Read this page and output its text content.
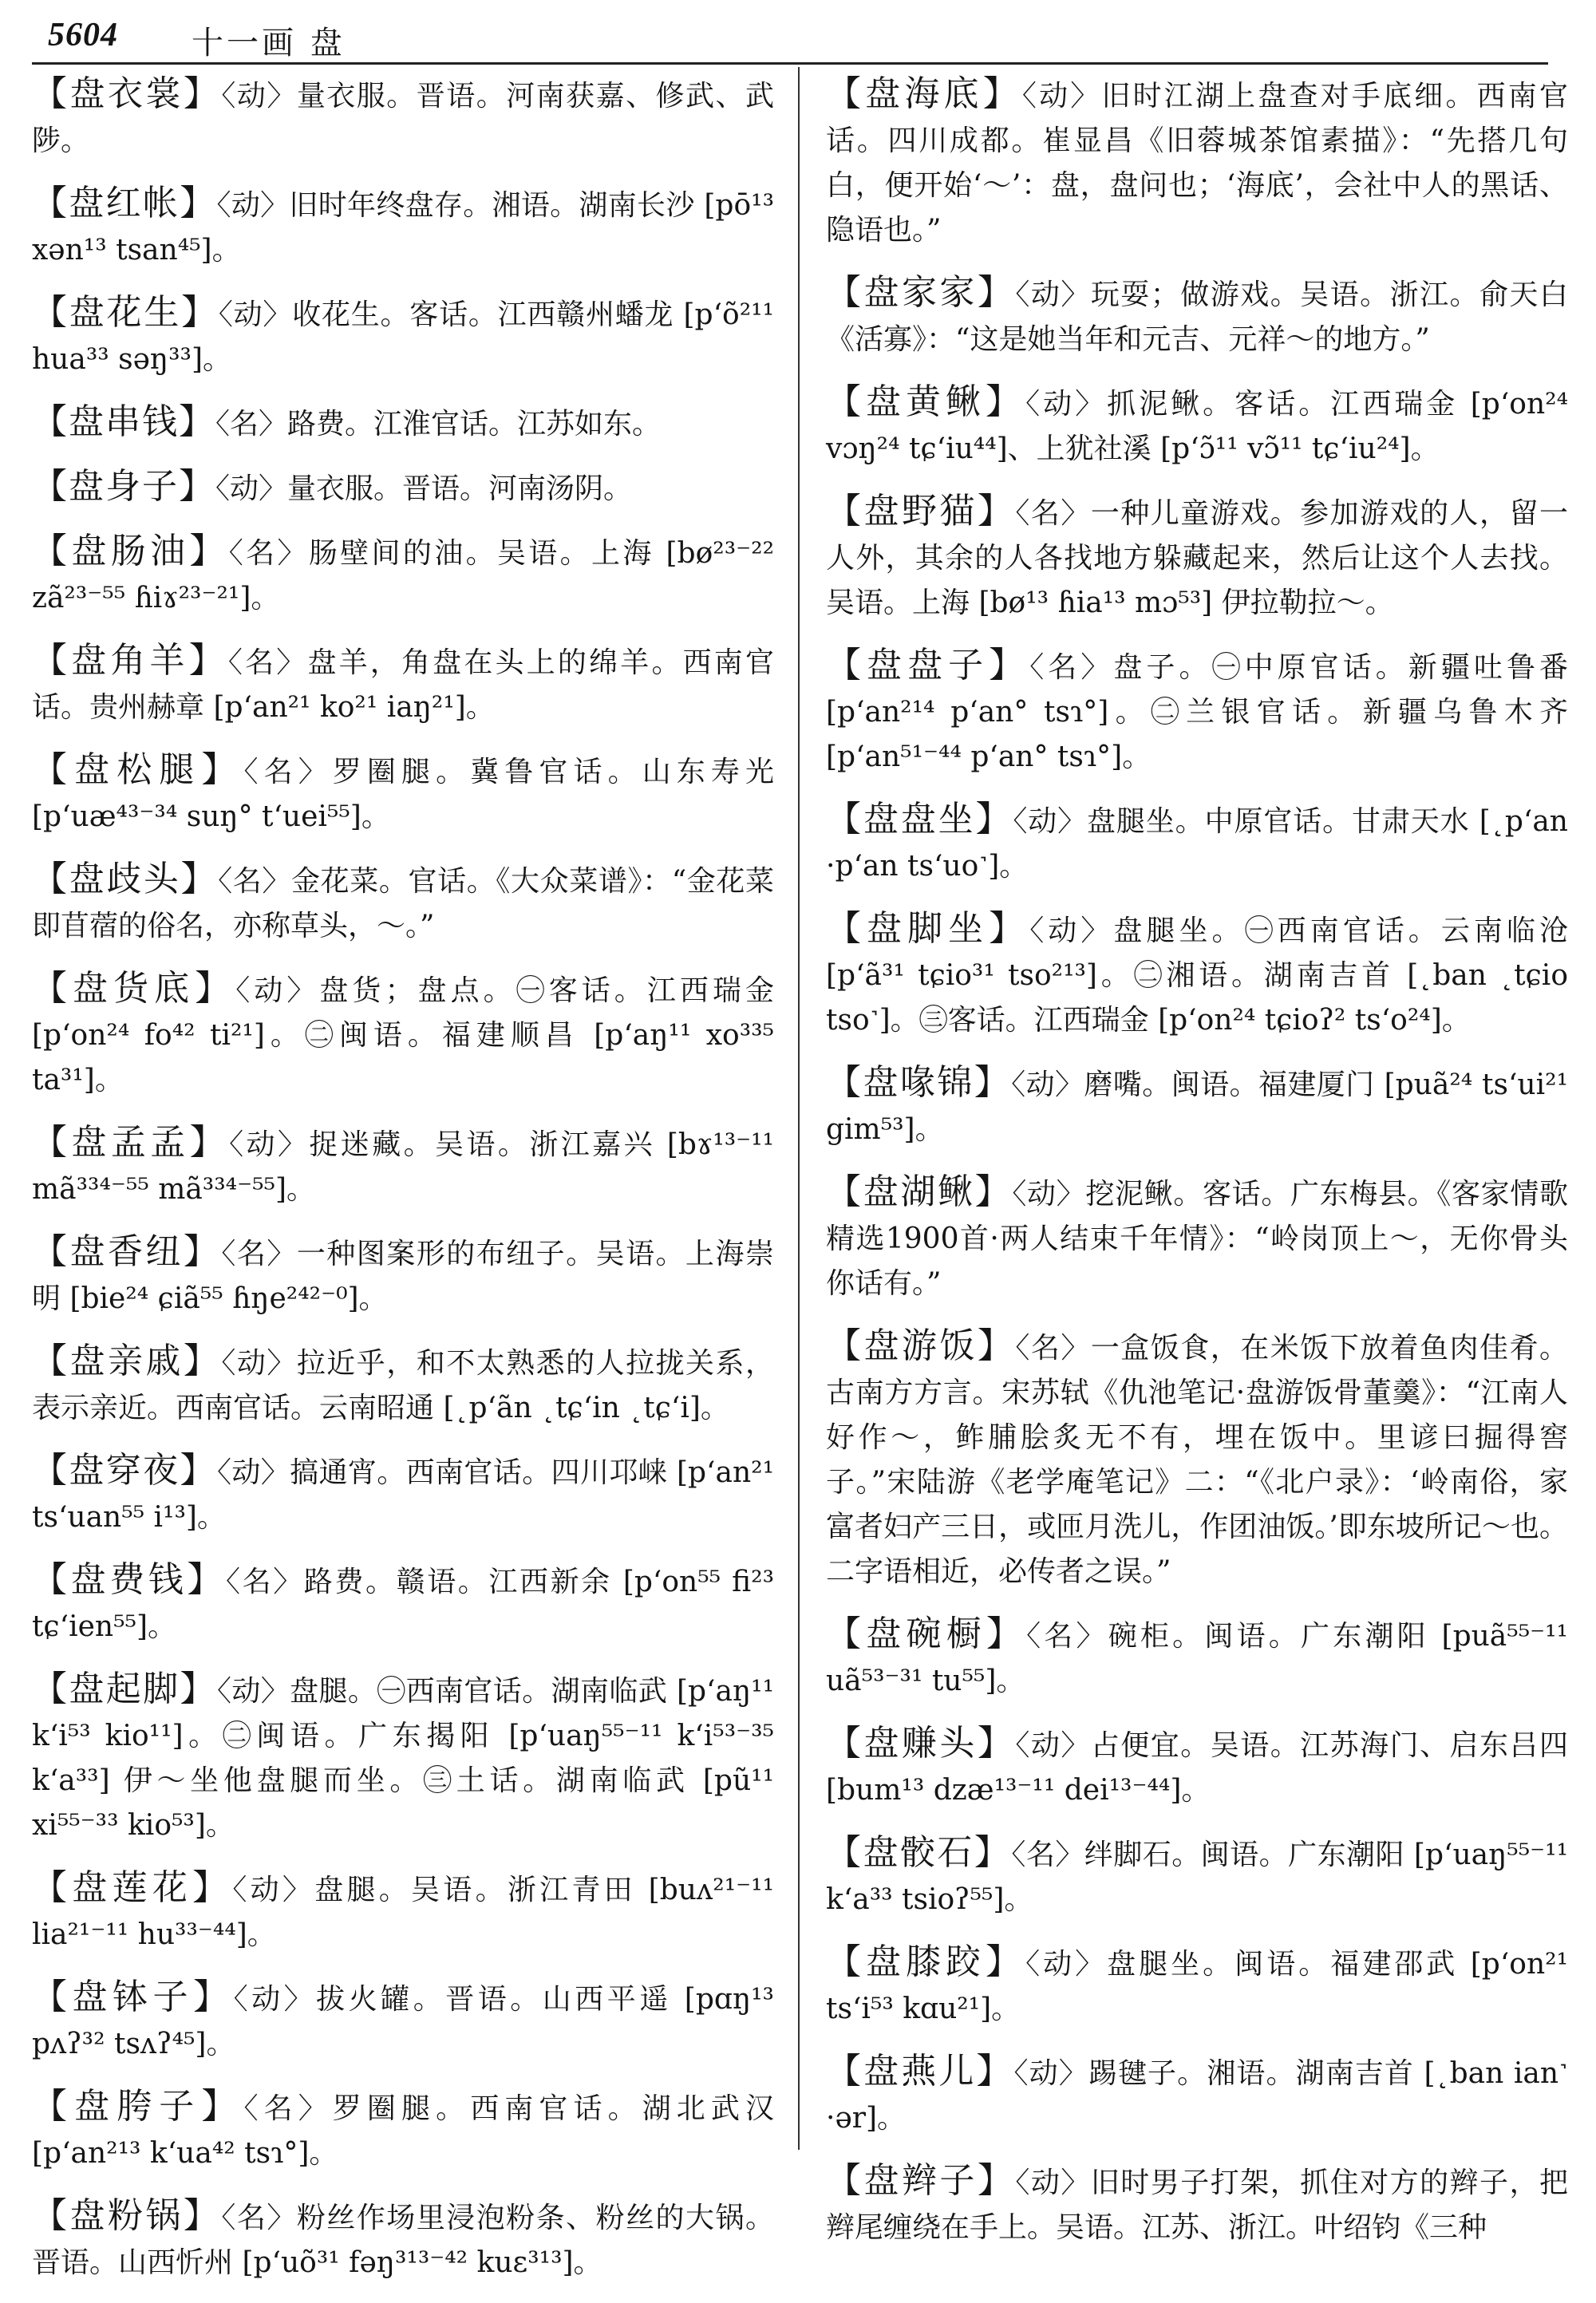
5604 十一画 盘
【盘衣裳】〈动〉量衣服。晋语。河南获嘉、修武、武陟。
【盘红帐】〈动〉旧时年终盘存。湘语。湖南长沙 [pō¹³ xən¹³ tsan⁴⁵]。
【盘花生】〈动〉收花生。客话。江西赣州蟠龙 [p‘õ²¹¹ hua³³ səŋ³³]。
【盘串钱】〈名〉路费。江淮官话。江苏如东。
【盘身子】〈动〉量衣服。晋语。河南汤阴。
【盘肠油】〈名〉肠壁间的油。吴语。上海 [bø²³⁻²² zã²³⁻⁵⁵ ɦiɤ²³⁻²¹]。
【盘角羊】〈名〉盘羊，角盘在头上的绵羊。西南官话。贵州赫章 [p‘an²¹ ko²¹ iaŋ²¹]。
【盘松腿】〈名〉罗圈腿。冀鲁官话。山东寿光 [p‘uæ⁴³⁻³⁴ suŋ° t‘uei⁵⁵]。
【盘歧头】〈名〉金花菜。官话。《大众菜谱》：“金花菜即苜蓿的俗名，亦称草头，～。”
【盘货底】〈动〉盘货；盘点。㊀客话。江西瑞金 [p‘on²⁴ fo⁴² ti²¹]。㊁闽语。福建顺昌 [p‘aŋ¹¹ xo³³⁵ ta³¹]。
【盘孟孟】〈动〉捉迷藏。吴语。浙江嘉兴 [bɤ¹³⁻¹¹ mã³³⁴⁻⁵⁵ mã³³⁴⁻⁵⁵]。
【盘香纽】〈名〉一种图案形的布纽子。吴语。上海崇明 [bie²⁴ ɕiã⁵⁵ ɦŋe²⁴²⁻⁰]。
【盘亲戚】〈动〉拉近乎，和不太熟悉的人拉拢关系，表示亲近。西南官话。云南昭通 [˛p‘ãn ˛tɕ‘in ˛tɕ‘i]。
【盘穿夜】〈动〉搞通宵。西南官话。四川邛崃 [p‘an²¹ ts‘uan⁵⁵ i¹³]。
【盘费钱】〈名〉路费。赣语。江西新余 [p‘on⁵⁵ fi²³ tɕ‘ien⁵⁵]。
【盘起脚】〈动〉盘腿。㊀西南官话。湖南临武 [p‘aŋ¹¹ k‘i⁵³ kio¹¹]。㊁闽语。广东揭阳 [p‘uaŋ⁵⁵⁻¹¹ k‘i⁵³⁻³⁵ k‘a³³] 伊～坐他盘腿而坐。㊂土话。湖南临武 [pũ¹¹ xi⁵⁵⁻³³ kio⁵³]。
【盘莲花】〈动〉盘腿。吴语。浙江青田 [buʌ²¹⁻¹¹ lia²¹⁻¹¹ hu³³⁻⁴⁴]。
【盘钵子】〈动〉拔火罐。晋语。山西平遥 [pɑŋ¹³ pʌʔ³² tsʌʔ⁴⁵]。
【盘胯子】〈名〉罗圈腿。西南官话。湖北武汉 [p‘an²¹³ k‘ua⁴² tsɿ°]。
【盘粉锅】〈名〉粉丝作场里浸泡粉条、粉丝的大锅。晋语。山西忻州 [p‘uõ³¹ fəŋ³¹³⁻⁴² kuɛ³¹³]。
【盘海底】〈动〉旧时江湖上盘查对手底细。西南官话。四川成都。崔显昌《旧蓉城茶馆素描》：“先搭几句白，便开始‘～’：盘，盘问也；‘海底’，会社中人的黑话、隐语也。”
【盘家家】〈动〉玩耍；做游戏。吴语。浙江。俞天白《活寡》：“这是她当年和元吉、元祥～的地方。”
【盘黄鳅】〈动〉抓泥鳅。客话。江西瑞金 [p‘on²⁴ vɔŋ²⁴ tɕ‘iu⁴⁴]、上犹社溪 [p‘ɔ̃¹¹ vɔ̃¹¹ tɕ‘iu²⁴]。
【盘野猫】〈名〉一种儿童游戏。参加游戏的人，留一人外，其余的人各找地方躲藏起来，然后让这个人去找。吴语。上海 [bø¹³ ɦia¹³ mɔ⁵³] 伊拉勒拉～。
【盘盘子】〈名〉盘子。㊀中原官话。新疆吐鲁番 [p‘an²¹⁴ p‘an° tsɿ°]。㊁兰银官话。新疆乌鲁木齐 [p‘an⁵¹⁻⁴⁴ p‘an° tsɿ°]。
【盘盘坐】〈动〉盘腿坐。中原官话。甘肃天水 [˛p‘an ·p‘an ts‘uo˺]。
【盘脚坐】〈动〉盘腿坐。㊀西南官话。云南临沧 [p‘ã³¹ tɕio³¹ tso²¹³]。㊁湘语。湖南吉首 [˛ban ˛tɕio tso˺]。㊂客话。江西瑞金 [p‘on²⁴ tɕioʔ² ts‘o²⁴]。
【盘喙锦】〈动〉磨嘴。闽语。福建厦门 [puã²⁴ ts‘ui²¹ gim⁵³]。
【盘湖鳅】〈动〉挖泥鳅。客话。广东梅县。《客家情歌精选1900首·两人结束千年情》：“岭岗顶上～，无你骨头你话有。”
【盘游饭】〈名〉一盒饭食，在米饭下放着鱼肉佳肴。古南方方言。宋苏轼《仇池笔记·盘游饭骨董羹》：“江南人好作～，鲊脯脍炙无不有，埋在饭中。里谚曰掘得窖子。”宋陆游《老学庵笔记》二：“《北户录》：‘岭南俗，家富者妇产三日，或匝月洗儿，作团油饭。’即东坡所记～也。二字语相近，必传者之误。”
【盘碗橱】〈名〉碗柜。闽语。广东潮阳 [puã⁵⁵⁻¹¹ uã⁵³⁻³¹ tu⁵⁵]。
【盘赚头】〈动〉占便宜。吴语。江苏海门、启东吕四 [bum¹³ dzæ¹³⁻¹¹ dei¹³⁻⁴⁴]。
【盘骹石】〈名〉绊脚石。闽语。广东潮阳 [p‘uaŋ⁵⁵⁻¹¹ k‘a³³ tsioʔ⁵⁵]。
【盘膝跤】〈动〉盘腿坐。闽语。福建邵武 [p‘on²¹ ts‘i⁵³ kɑu²¹]。
【盘燕儿】〈动〉踢毽子。湘语。湖南吉首 [˛ban ian˺ ·ər]。
【盘辫子】〈动〉旧时男子打架，抓住对方的辫子，把辫尾缠绕在手上。吴语。江苏、浙江。叶绍钧《三种
